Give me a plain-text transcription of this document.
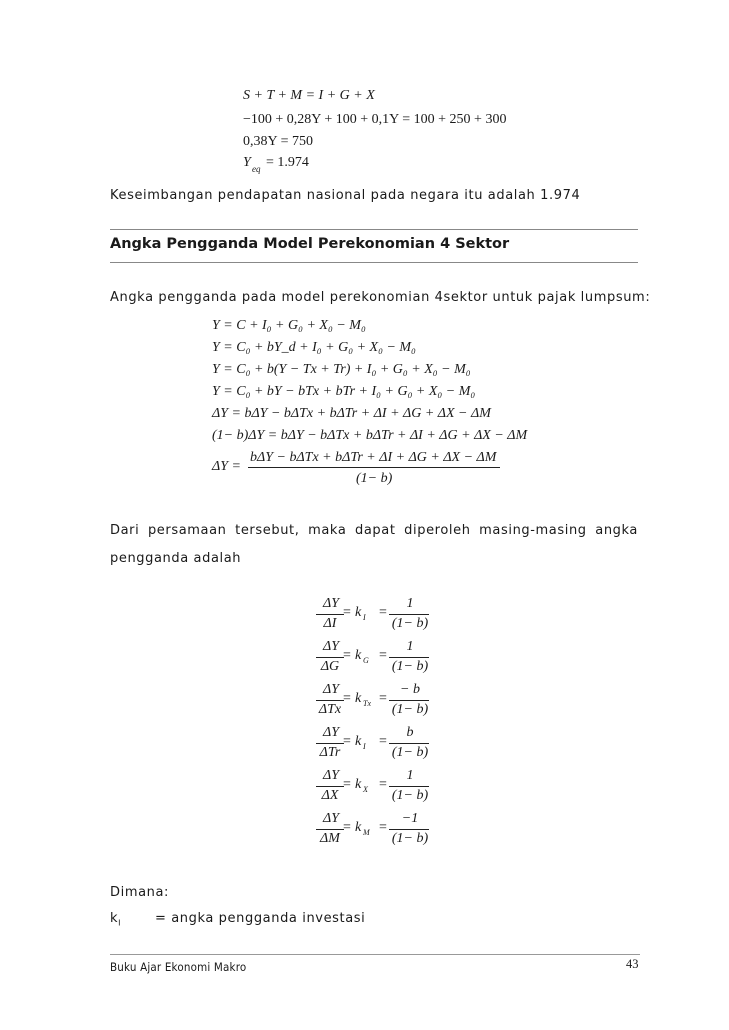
S + T + M = I + G + X
−100 + 0,28Y + 100 + 0,1Y = 100 + 250 + 300
0,38Y = 750
Y eq = 1.974
Keseimbangan pendapatan nasional pada negara itu adalah 1.974
Angka Pengganda Model Perekonomian 4 Sektor
Angka pengganda pada model perekonomian 4sektor untuk pajak lumpsum:
Y = C + I₀ + G₀ + X₀ − M₀
Y = C₀ + bY_d + I₀ + G₀ + X₀ − M₀
Y = C₀ + b(Y − Tx + Tr) + I₀ + G₀ + X₀ − M₀
Y = C₀ + bY − bTx + bTr + I₀ + G₀ + X₀ − M₀
ΔY = bΔY − bΔTx + bΔTr + ΔI + ΔG + ΔX − ΔM
(1− b)ΔY = bΔY − bΔTx + bΔTr + ΔI + ΔG + ΔX − ΔM
ΔY =
bΔY − bΔTx + bΔTr + ΔI + ΔG + ΔX − ΔM
(1− b)
Dari persamaan tersebut, maka dapat diperoleh masing-masing angka
pengganda adalah
ΔY
ΔI
= k I =
1
(1− b)
ΔY
ΔG
= k G =
1
(1− b)
ΔY
ΔTx
= k Tx =
− b
(1− b)
ΔY
ΔTr
= k I =
b
(1− b)
ΔY
ΔX
= k X =
1
(1− b)
ΔY
ΔM
= k M =
−1
(1− b)
Dimana:
$k_I$	= angka pengganda investasi
Buku Ajar Ekonomi Makro	43
